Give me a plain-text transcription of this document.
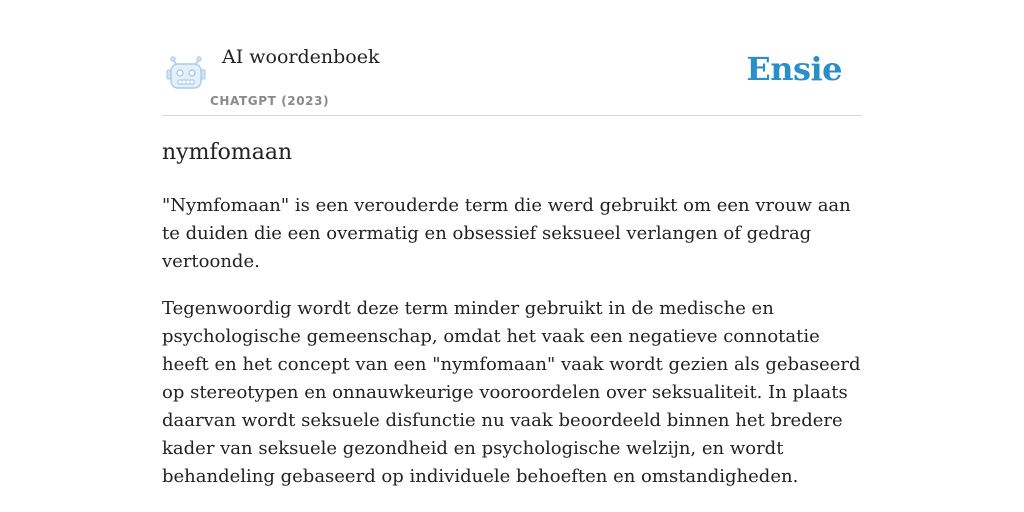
AI woordenboek
CHATGPT (2023)
Ensie
nymfomaan

"Nymfomaan" is een verouderde term die werd gebruikt om een vrouw aan te duiden die een overmatig en obsessief seksueel verlangen of gedrag vertoonde.

Tegenwoordig wordt deze term minder gebruikt in de medische en psychologische gemeenschap, omdat het vaak een negatieve connotatie heeft en het concept van een "nymfomaan" vaak wordt gezien als gebaseerd op stereotypen en onnauwkeurige vooroordelen over seksualiteit. In plaats daarvan wordt seksuele disfunctie nu vaak beoordeeld binnen het bredere kader van seksuele gezondheid en psychologische welzijn, en wordt behandeling gebaseerd op individuele behoeften en omstandigheden.
